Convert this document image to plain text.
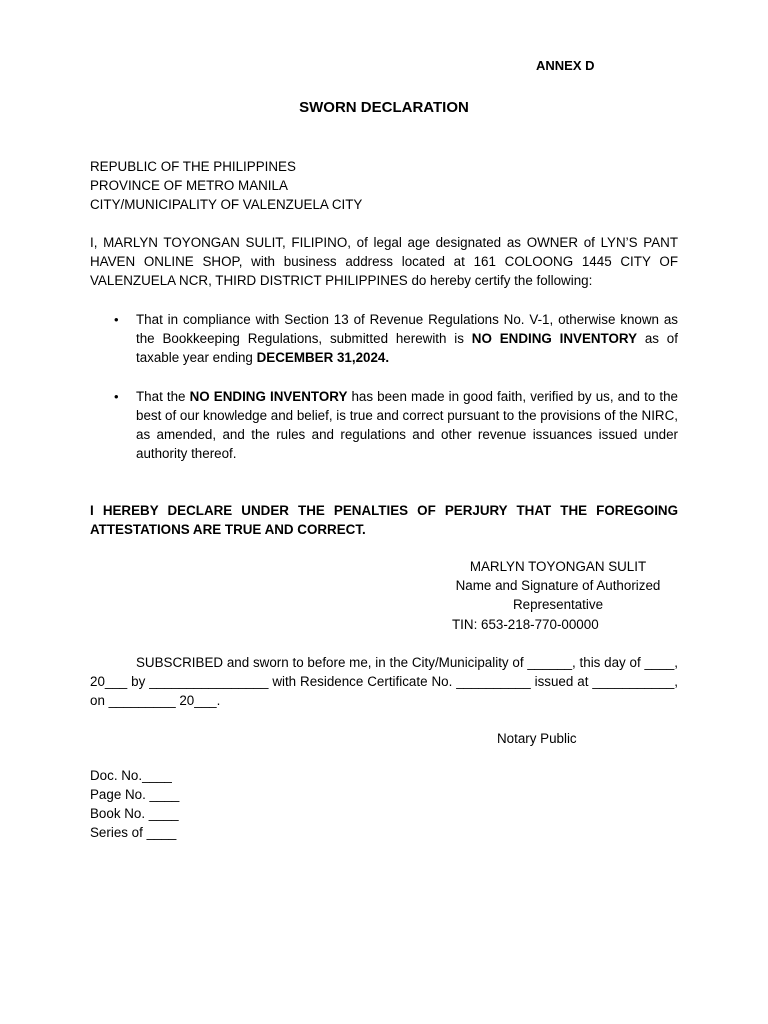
ANNEX D
SWORN DECLARATION
REPUBLIC OF THE PHILIPPINES
PROVINCE OF METRO MANILA
CITY/MUNICIPALITY OF VALENZUELA CITY
I, MARLYN TOYONGAN SULIT, FILIPINO, of legal age designated as OWNER of LYN’S PANT HAVEN ONLINE SHOP, with business address located at 161 COLOONG 1445 CITY OF VALENZUELA NCR, THIRD DISTRICT PHILIPPINES do hereby certify the following:
• That in compliance with Section 13 of Revenue Regulations No. V-1, otherwise known as the Bookkeeping Regulations, submitted herewith is NO ENDING INVENTORY as of taxable year ending DECEMBER 31,2024.
• That the NO ENDING INVENTORY has been made in good faith, verified by us, and to the best of our knowledge and belief, is true and correct pursuant to the provisions of the NIRC, as amended, and the rules and regulations and other revenue issuances issued under authority thereof.
I HEREBY DECLARE UNDER THE PENALTIES OF PERJURY THAT THE FOREGOING ATTESTATIONS ARE TRUE AND CORRECT.
MARLYN TOYONGAN SULIT
Name and Signature of Authorized Representative
TIN: 653-218-770-00000
SUBSCRIBED and sworn to before me, in the City/Municipality of ______, this day of ____, 20___ by ________________ with Residence Certificate No. __________ issued at ___________, on _________ 20___.
Notary Public
Doc. No.____
Page No. ____
Book No. ____
Series of ____
